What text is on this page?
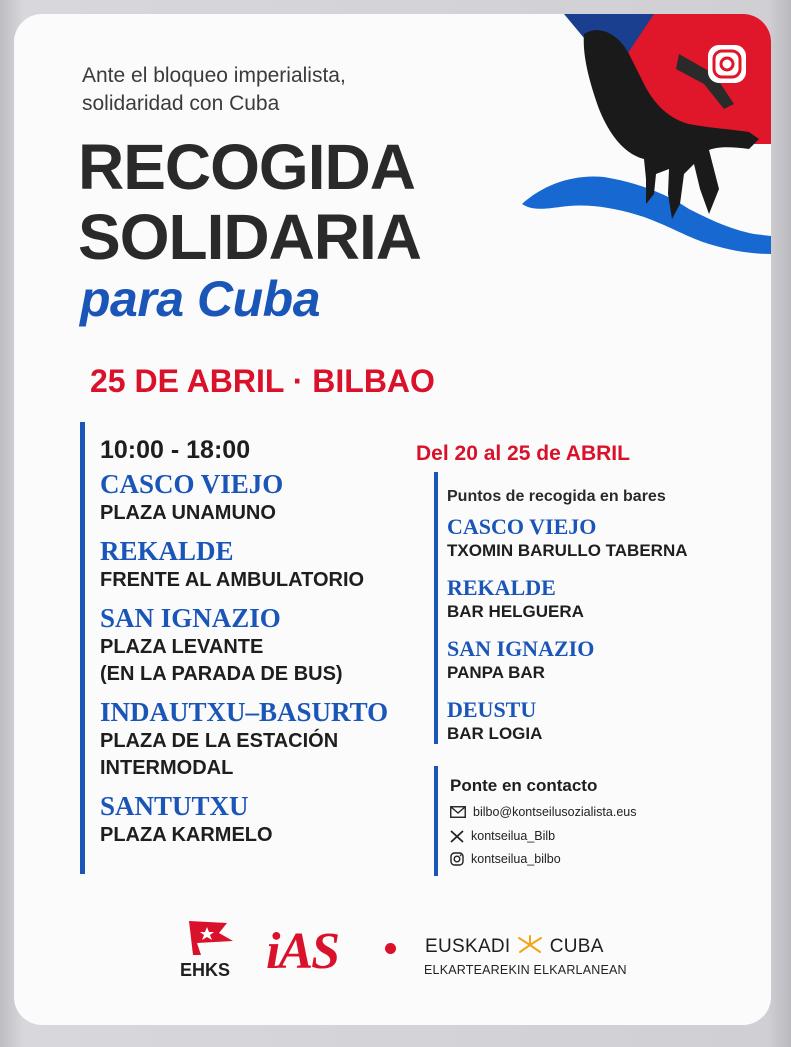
Ante el bloqueo imperialista,
solidaridad con Cuba
RECOGIDA
SOLIDARIA
para Cuba
25 DE ABRIL · BILBAO
10:00 - 18:00
CASCO VIEJO
PLAZA UNAMUNO
REKALDE
FRENTE AL AMBULATORIO
SAN IGNAZIO
PLAZA LEVANTE
(EN LA PARADA DE BUS)
INDAUTXU–BASURTO
PLAZA DE LA ESTACIÓN
INTERMODAL
SANTUTXU
PLAZA KARMELO
Del 20 al 25 de ABRIL
Puntos de recogida en bares
CASCO VIEJO
TXOMIN BARULLO TABERNA
REKALDE
BAR HELGUERA
SAN IGNAZIO
PANPA BAR
DEUSTU
BAR LOGIA
Ponte en contacto
bilbo@kontseilusozialista.eus
kontseilua_Bilb
kontseilua_bilbo
EHKS iAS	EUSKADI CUBA
ELKARTEAREKIN ELKARLANEAN
